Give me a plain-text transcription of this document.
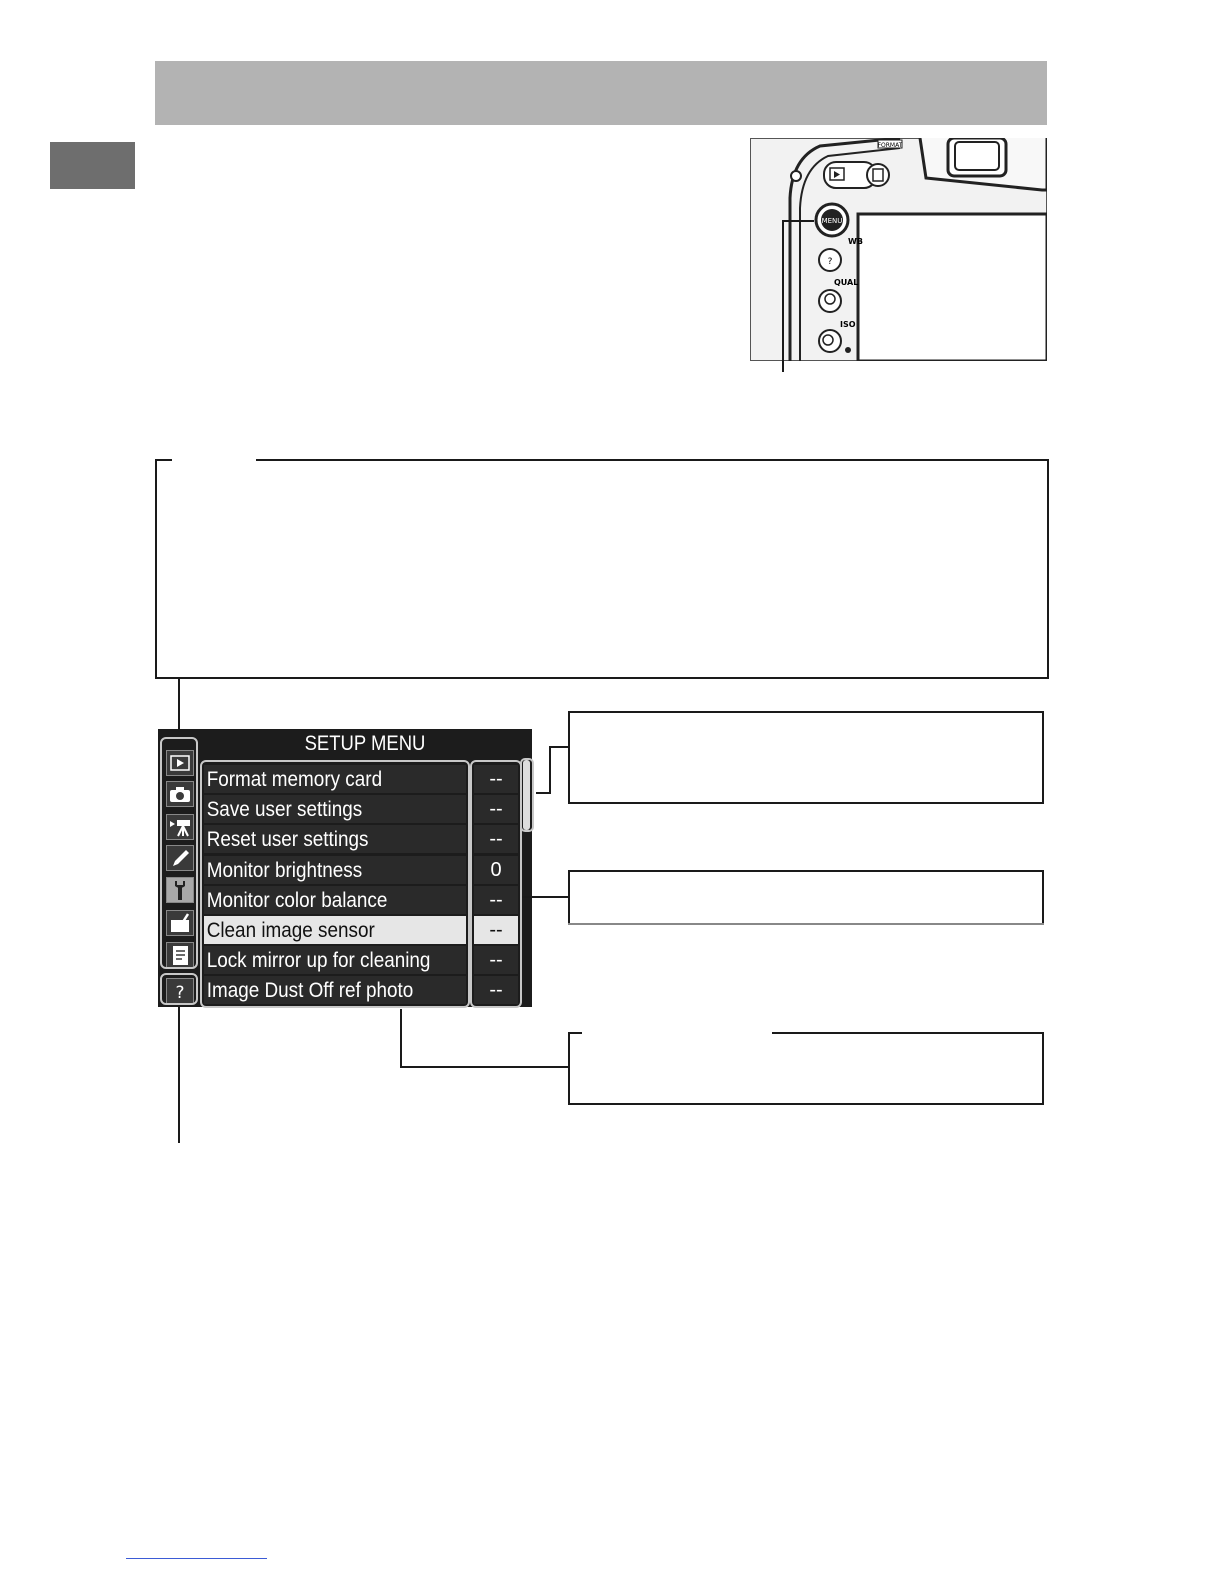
FORMAT
MENU
WB
?
QUAL
ISO
SETUP MENU
?
Format memory card	--
Save user settings	--
Reset user settings	--
Monitor brightness	0
Monitor color balance	--
Clean image sensor	--
Lock mirror up for cleaning	--
Image Dust Off ref photo	--
